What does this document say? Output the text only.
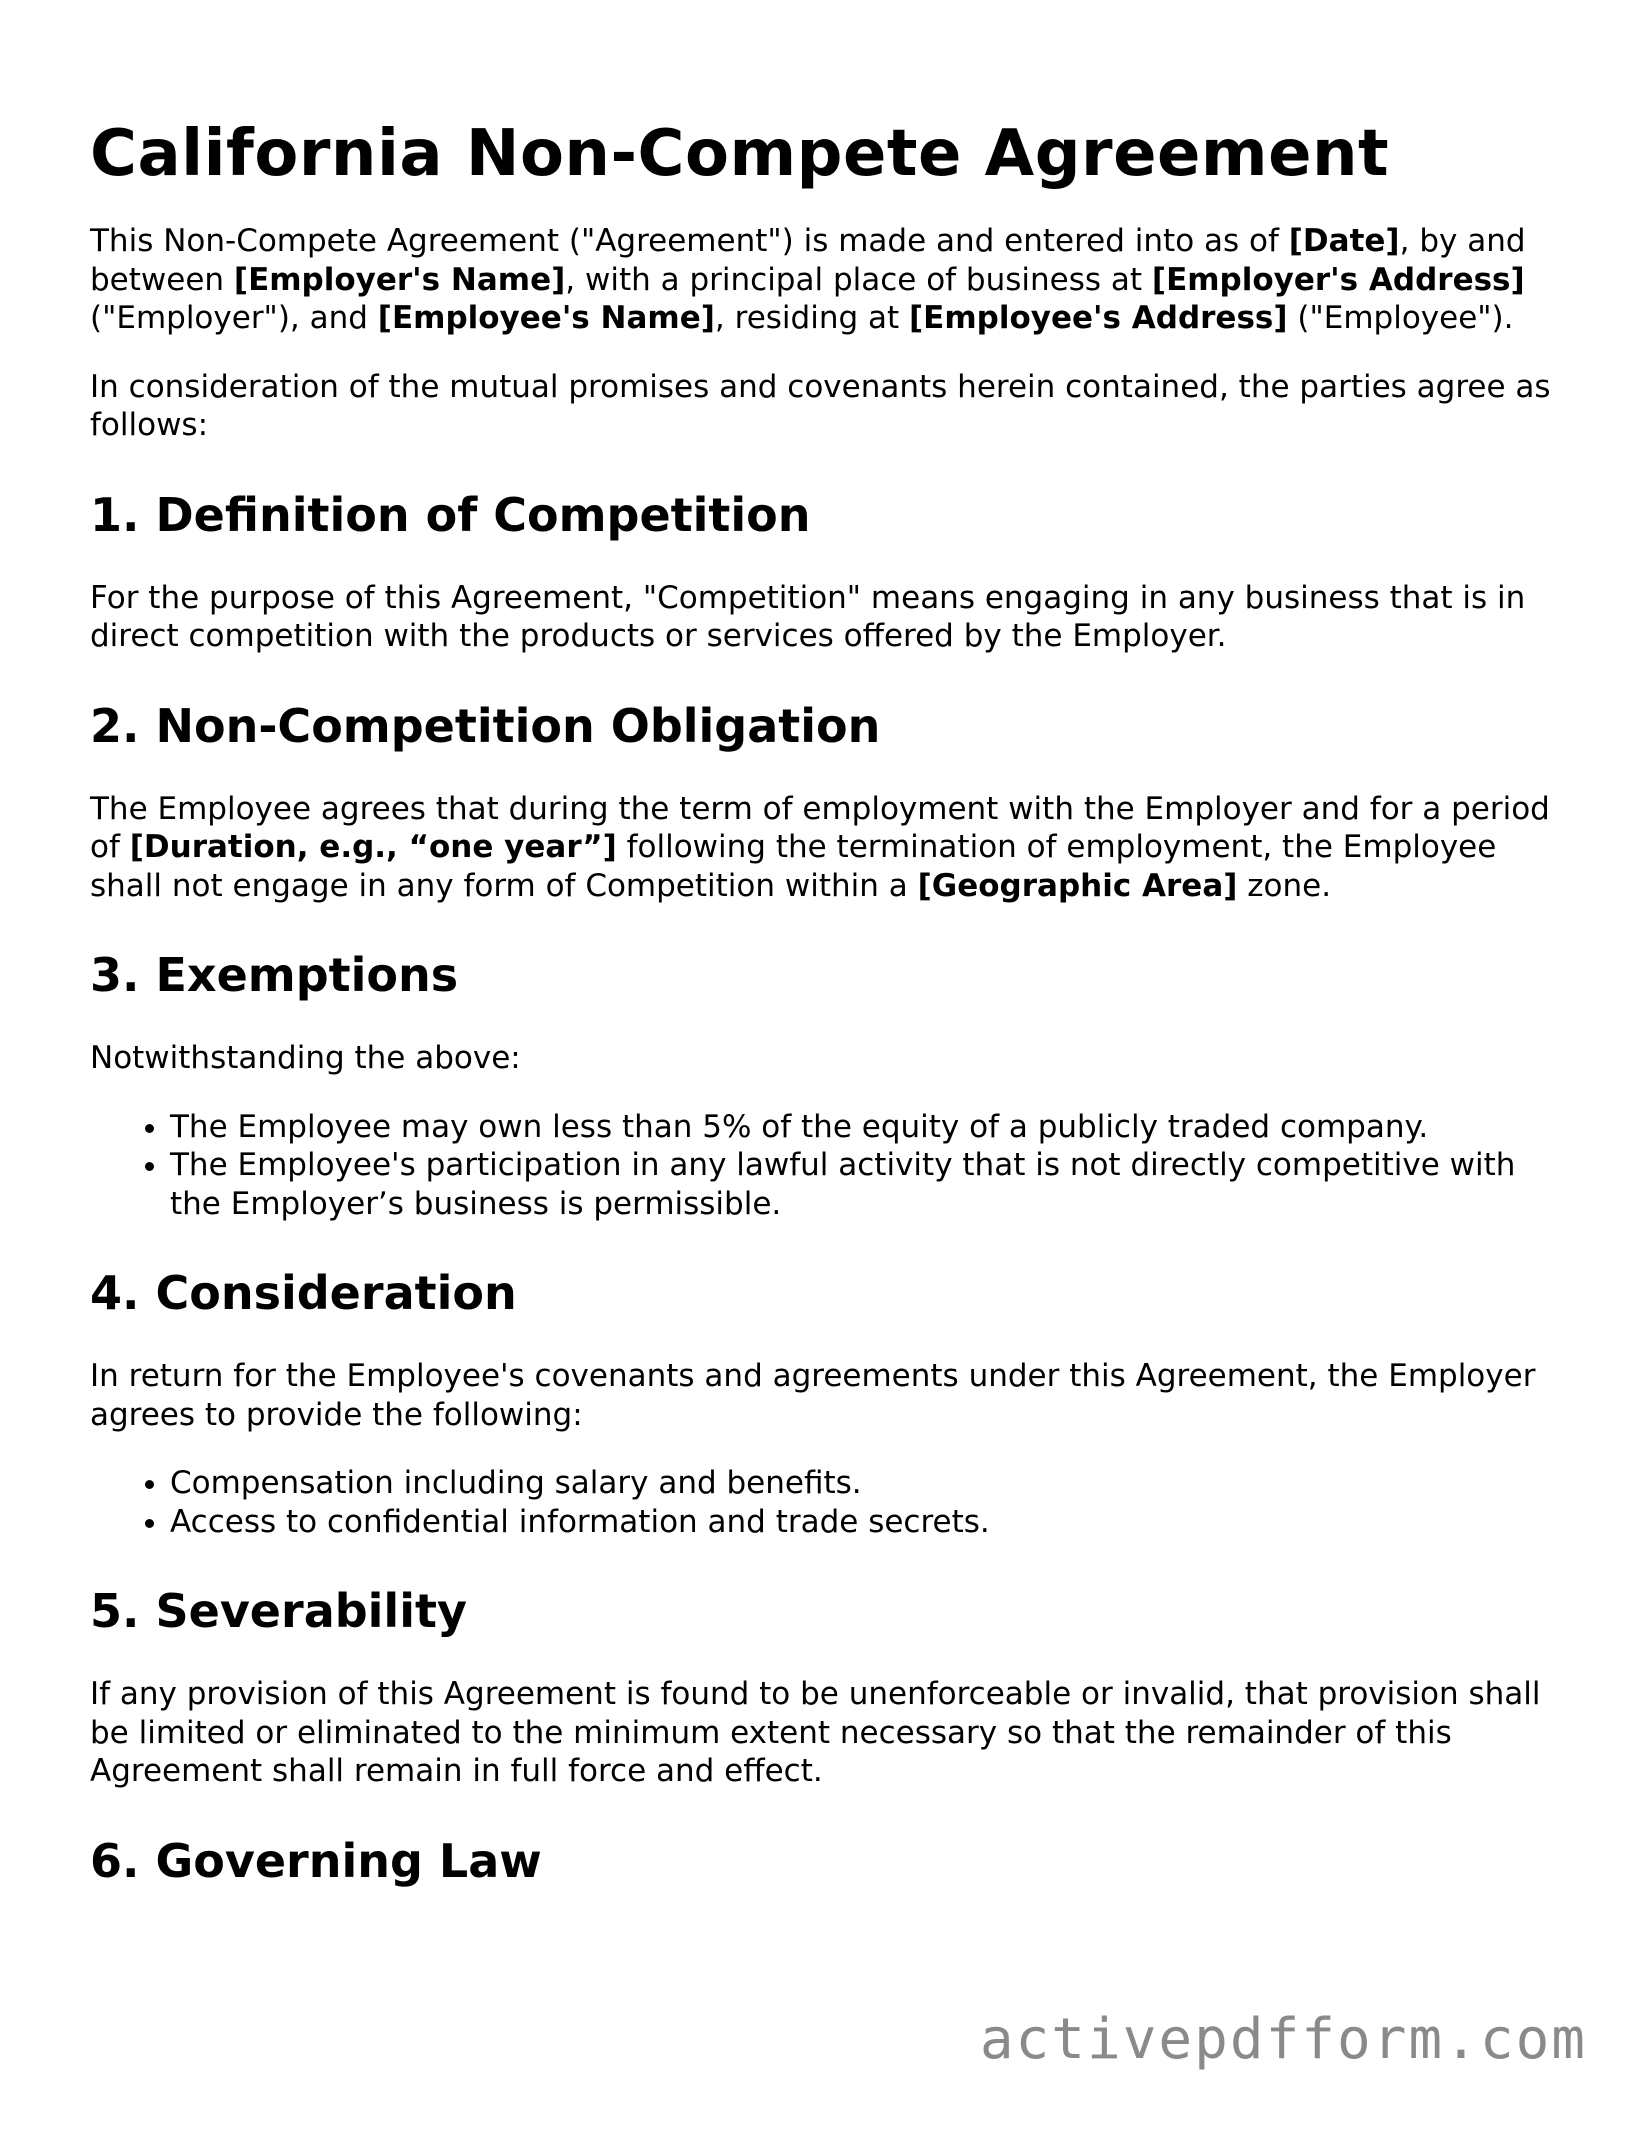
California Non-Compete Agreement

This Non-Compete Agreement ("Agreement") is made and entered into as of [Date], by and between [Employer's Name], with a principal place of business at [Employer's Address] ("Employer"), and [Employee's Name], residing at [Employee's Address] ("Employee").

In consideration of the mutual promises and covenants herein contained, the parties agree as follows:

1. Definition of Competition

For the purpose of this Agreement, "Competition" means engaging in any business that is in direct competition with the products or services offered by the Employer.

2. Non-Competition Obligation

The Employee agrees that during the term of employment with the Employer and for a period of [Duration, e.g., “one year”] following the termination of employment, the Employee shall not engage in any form of Competition within a [Geographic Area] zone.

3. Exemptions

Notwithstanding the above:

• The Employee may own less than 5% of the equity of a publicly traded company.
• The Employee's participation in any lawful activity that is not directly competitive with the Employer’s business is permissible.
4. Consideration

In return for the Employee's covenants and agreements under this Agreement, the Employer agrees to provide the following:

• Compensation including salary and benefits.
• Access to confidential information and trade secrets.
5. Severability

If any provision of this Agreement is found to be unenforceable or invalid, that provision shall be limited or eliminated to the minimum extent necessary so that the remainder of this Agreement shall remain in full force and effect.

6. Governing Law
activepdfform.com
